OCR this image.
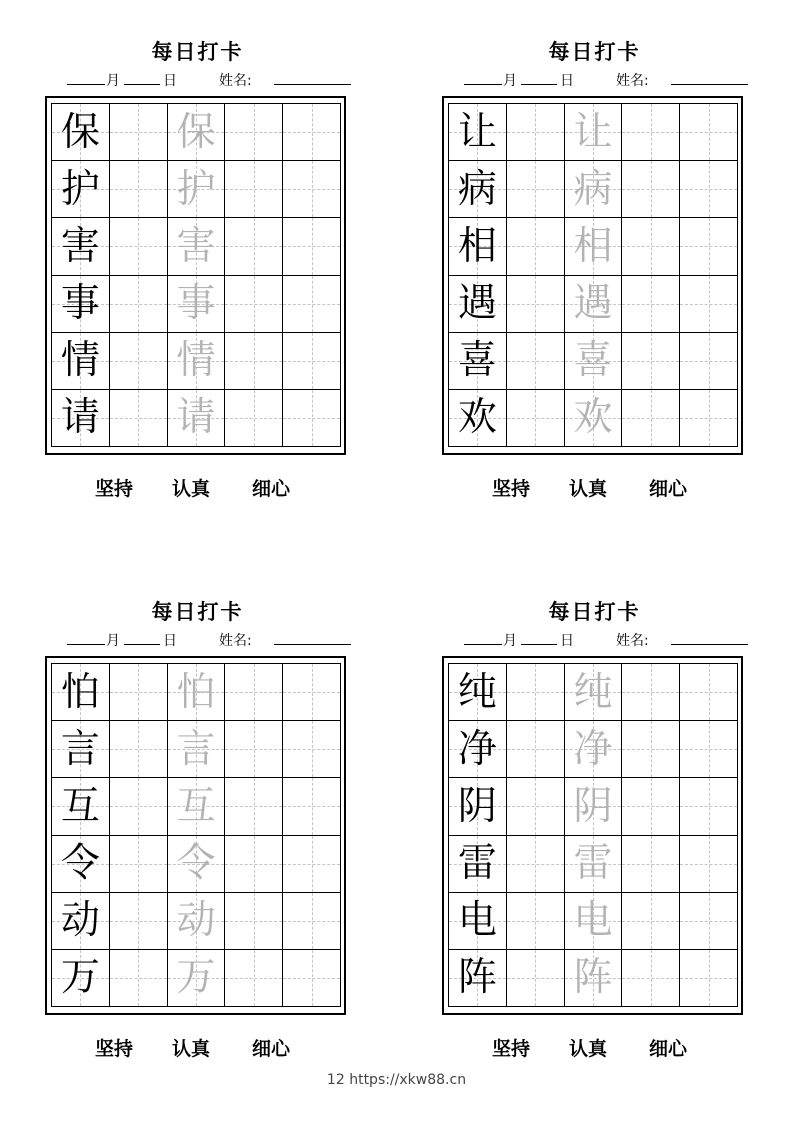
每日打卡
月	日	姓名:
保 保
护 护
害 害
事 事
情 情
请 请
坚持 认真 细心
每日打卡
月	日	姓名:
让 让
病 病
相 相
遇 遇
喜 喜
欢 欢
坚持 认真 细心
每日打卡
月	日	姓名:
怕 怕
言 言
互 互
令 令
动 动
万 万
坚持 认真 细心
每日打卡
月	日	姓名:
纯 纯
净 净
阴 阴
雷 雷
电 电
阵 阵
坚持 认真 细心
12 https://xkw88.cn
